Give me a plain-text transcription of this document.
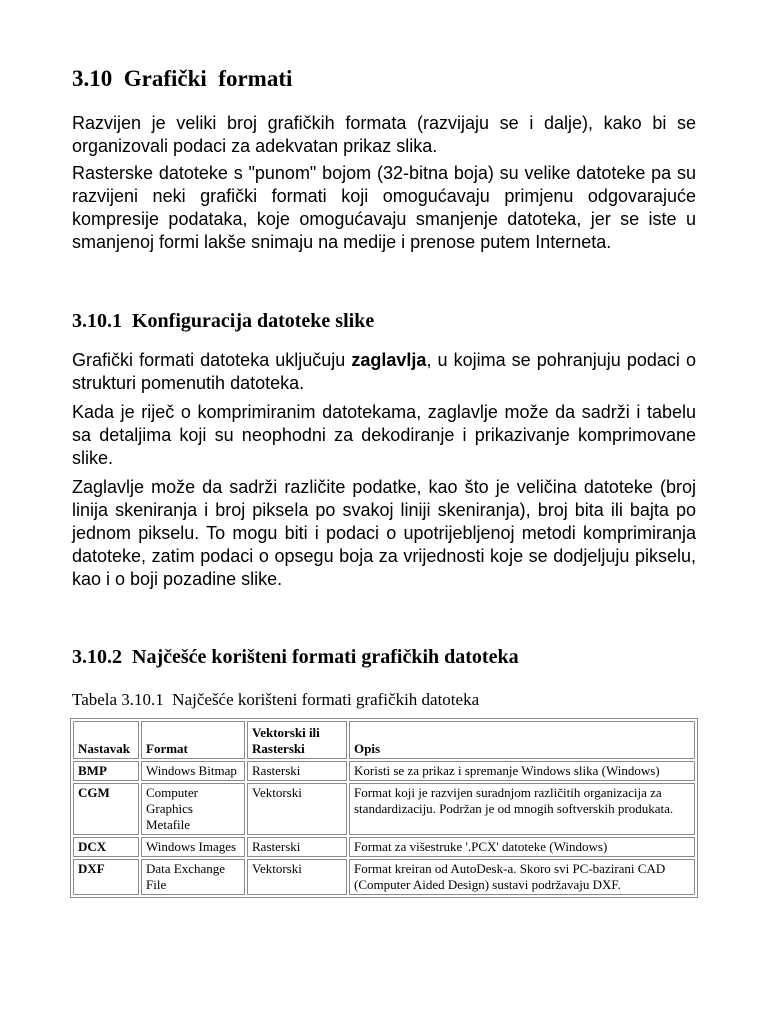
3.10  Grafički  formati

Razvijen je veliki broj grafičkih formata (razvijaju se i dalje), kako bi se organizovali podaci za adekvatan prikaz slika.

Rasterske datoteke s "punom" bojom (32-bitna boja) su velike datoteke pa su razvijeni neki grafički formati koji omogućavaju primjenu odgovarajuće kompresije podataka, koje omogućavaju smanjenje datoteka, jer se iste u smanjenoj formi lakše snimaju na medije i prenose putem Interneta.

3.10.1  Konfiguracija datoteke slike

Grafički formati datoteka uključuju zaglavlja, u kojima se pohranjuju podaci o strukturi pomenutih datoteka.

Kada je riječ o komprimiranim datotekama, zaglavlje može da sadrži i tabelu sa detaljima koji su neophodni za dekodiranje i prikazivanje komprimovane slike.

Zaglavlje može da sadrži različite podatke, kao što je veličina datoteke (broj linija skeniranja i broj piksela po svakoj liniji skeniranja), broj bita ili bajta po jednom pikselu. To mogu biti i podaci o upotrijebljenoj metodi komprimiranja datoteke, zatim podaci o opsegu boja za vrijednosti koje se dodjeljuju pikselu, kao i o boji pozadine slike.

3.10.2  Najčešće korišteni formati grafičkih datoteka

Tabela 3.10.1  Najčešće korišteni formati grafičkih datoteka

Nastavak	Format	Vektorski ili Rasterski	Opis
BMP	Windows Bitmap	Rasterski	Koristi se za prikaz i spremanje Windows slika (Windows)
CGM	Computer Graphics Metafile	Vektorski	Format koji je razvijen suradnjom različitih organizacija za standardizaciju. Podržan je od mnogih softverskih produkata.
DCX	Windows Images	Rasterski	Format za višestruke '.PCX' datoteke (Windows)
DXF	Data Exchange File	Vektorski	Format kreiran od AutoDesk-a. Skoro svi PC-bazirani CAD (Computer Aided Design) sustavi podržavaju DXF.
